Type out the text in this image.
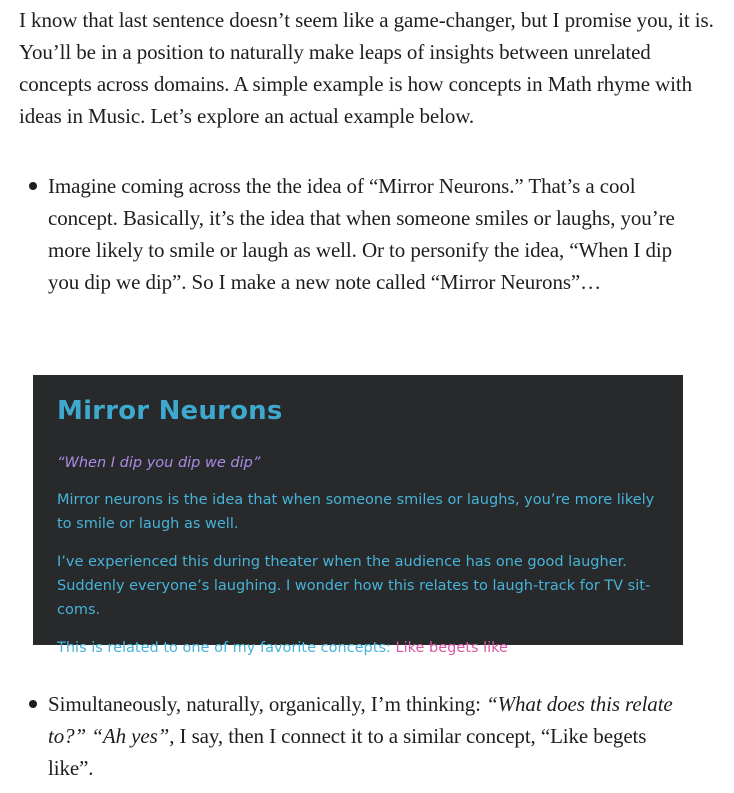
I know that last sentence doesn’t seem like a game-changer, but I promise you, it is. You’ll be in a position to naturally make leaps of insights between unrelated concepts across domains. A simple example is how concepts in Math rhyme with ideas in Music. Let’s explore an actual example below.

Imagine coming across the the idea of “Mirror Neurons.” That’s a cool concept. Basically, it’s the idea that when someone smiles or laughs, you’re more likely to smile or laugh as well. Or to personify the idea, “When I dip you dip we dip”. So I make a new note called “Mirror Neurons”…
Mirror Neurons

“When I dip you dip we dip”

Mirror neurons is the idea that when someone smiles or laughs, you’re more likely to smile or laugh as well.

I’ve experienced this during theater when the audience has one good laugher. Suddenly everyone’s laughing. I wonder how this relates to laugh-track for TV sit-coms.

This is related to one of my favorite concepts: Like begets like

Simultaneously, naturally, organically, I’m thinking: “What does this relate to?” “Ah yes”, I say, then I connect it to a similar concept, “Like begets like”.
